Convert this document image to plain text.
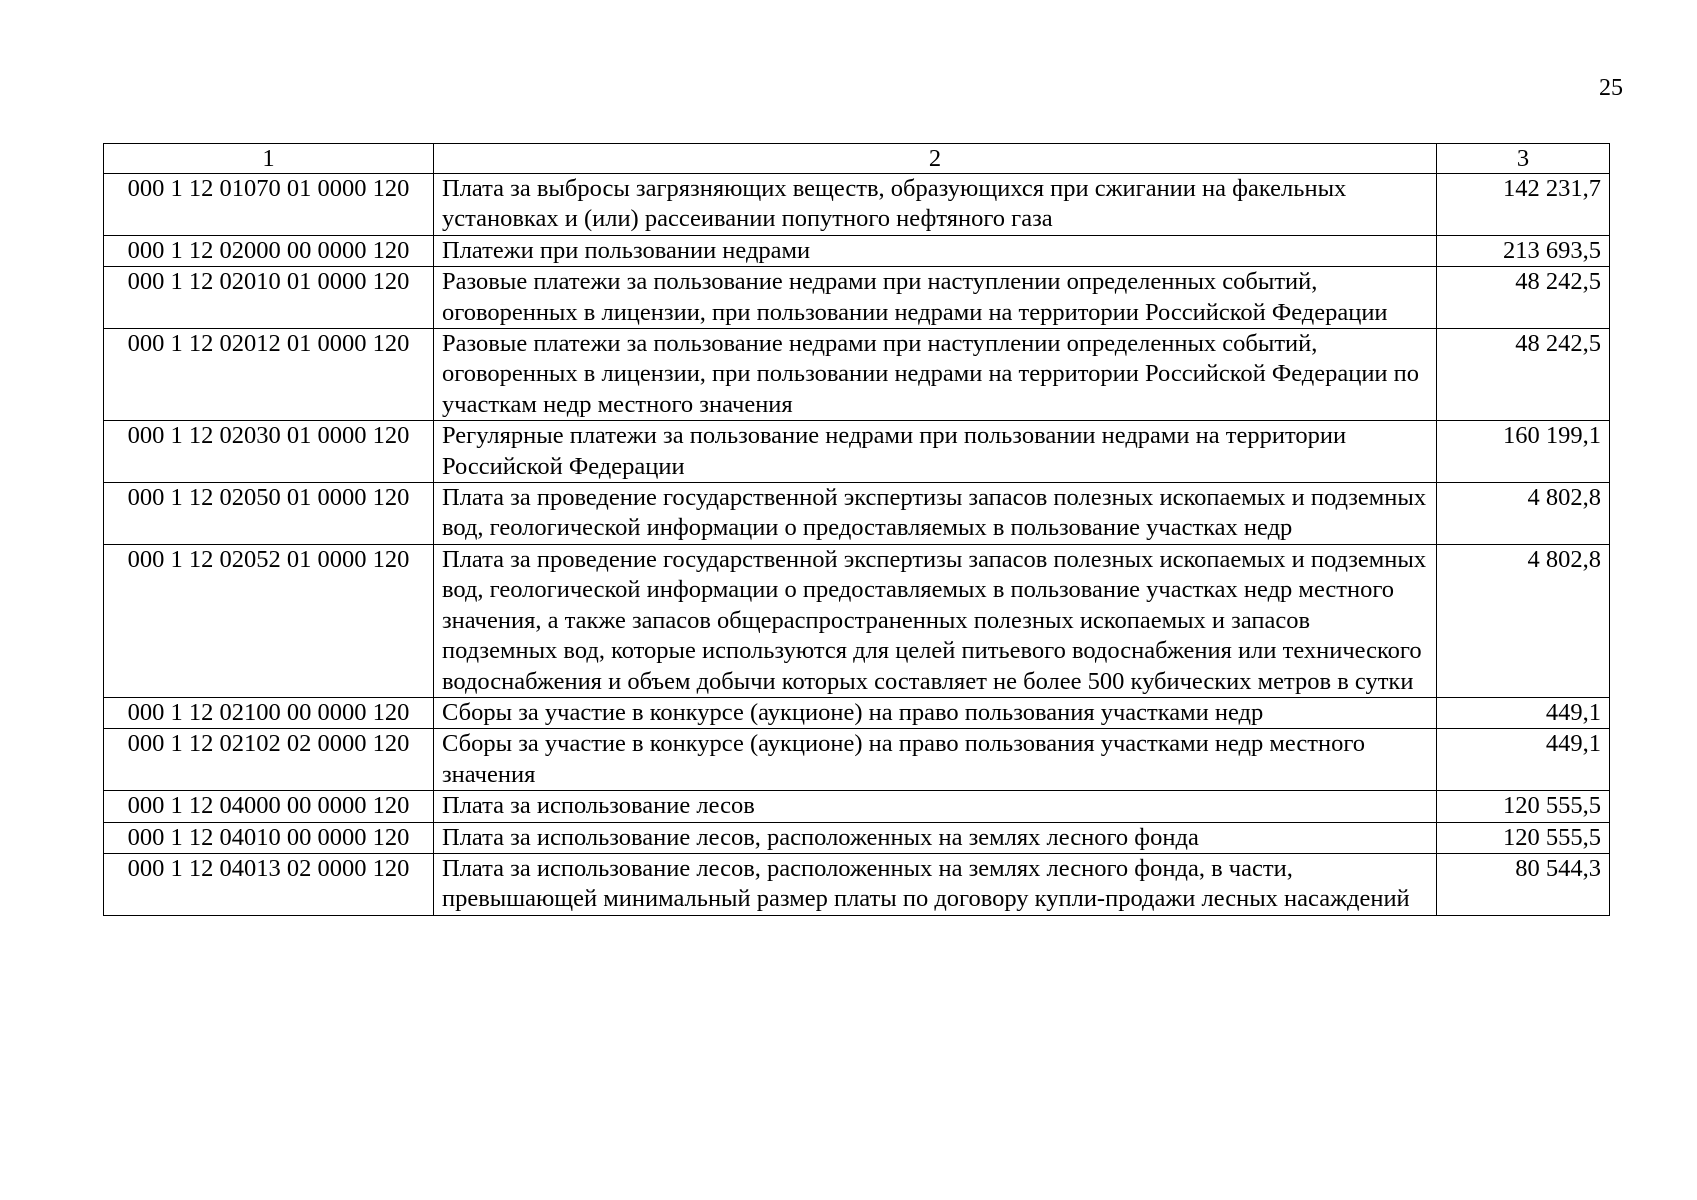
25
1	2	3
000 1 12 01070 01 0000 120	Плата за выбросы загрязняющих веществ, образующихся при сжигании на факельных установках и (или) рассеивании попутного нефтяного газа	142 231,7
000 1 12 02000 00 0000 120	Платежи при пользовании недрами	213 693,5
000 1 12 02010 01 0000 120	Разовые платежи за пользование недрами при наступлении определенных событий, оговоренных в лицензии, при пользовании недрами на территории Российской Федерации	48 242,5
000 1 12 02012 01 0000 120	Разовые платежи за пользование недрами при наступлении определенных событий, оговоренных в лицензии, при пользовании недрами на территории Российской Федерации по участкам недр местного значения	48 242,5
000 1 12 02030 01 0000 120	Регулярные платежи за пользование недрами при пользовании недрами на территории Российской Федерации	160 199,1
000 1 12 02050 01 0000 120	Плата за проведение государственной экспертизы запасов полезных ископаемых и подземных вод, геологической информации о предоставляемых в пользование участках недр	4 802,8
000 1 12 02052 01 0000 120	Плата за проведение государственной экспертизы запасов полезных ископаемых и подземных вод, геологической информации о предоставляемых в пользование участках недр местного значения, а также запасов общераспространенных полезных ископаемых и запасов подземных вод, которые используются для целей питьевого водоснабжения или технического водоснабжения и объем добычи которых составляет не более 500 кубических метров в сутки	4 802,8
000 1 12 02100 00 0000 120	Сборы за участие в конкурсе (аукционе) на право пользования участками недр	449,1
000 1 12 02102 02 0000 120	Сборы за участие в конкурсе (аукционе) на право пользования участками недр местного значения	449,1
000 1 12 04000 00 0000 120	Плата за использование лесов	120 555,5
000 1 12 04010 00 0000 120	Плата за использование лесов, расположенных на землях лесного фонда	120 555,5
000 1 12 04013 02 0000 120	Плата за использование лесов, расположенных на землях лесного фонда, в части, превышающей минимальный размер платы по договору купли-продажи лесных насаждений	80 544,3
